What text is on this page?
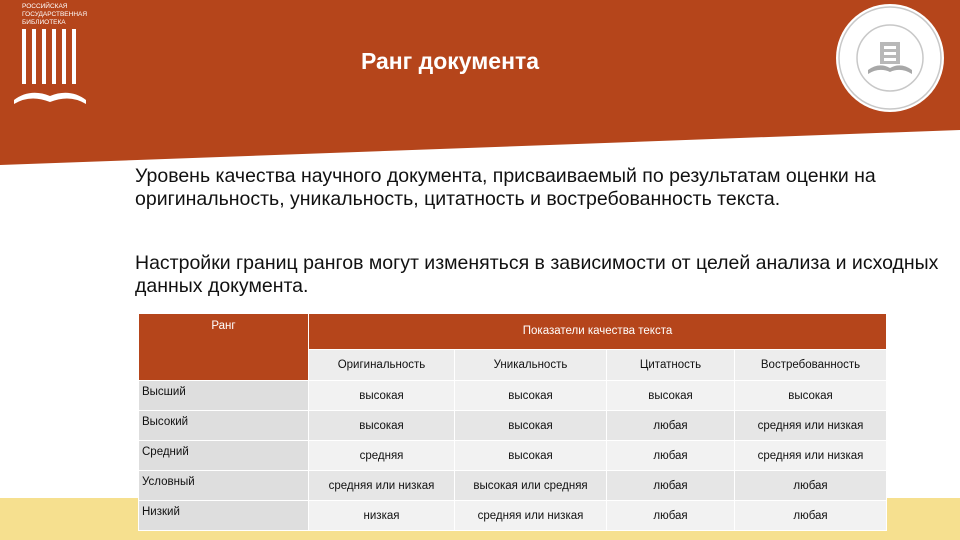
РОССИЙСКАЯ
ГОСУДАРСТВЕННАЯ
БИБЛИОТЕКА
Ранг документа
Уровень качества научного документа, присваиваемый по результатам оценки на оригинальность, уникальность, цитатность и востребованность текста.
Настройки границ рангов могут изменяться в зависимости от целей анализа и исходных данных документа.
Ранг	Показатели качества текста			
	Оригинальность	Уникальность	Цитатность	Востребованность
Высший	высокая	высокая	высокая	высокая
Высокий	высокая	высокая	любая	средняя или низкая
Средний	средняя	высокая	любая	средняя или низкая
Условный	средняя или низкая	высокая или средняя	любая	любая
Низкий	низкая	средняя или низкая	любая	любая
